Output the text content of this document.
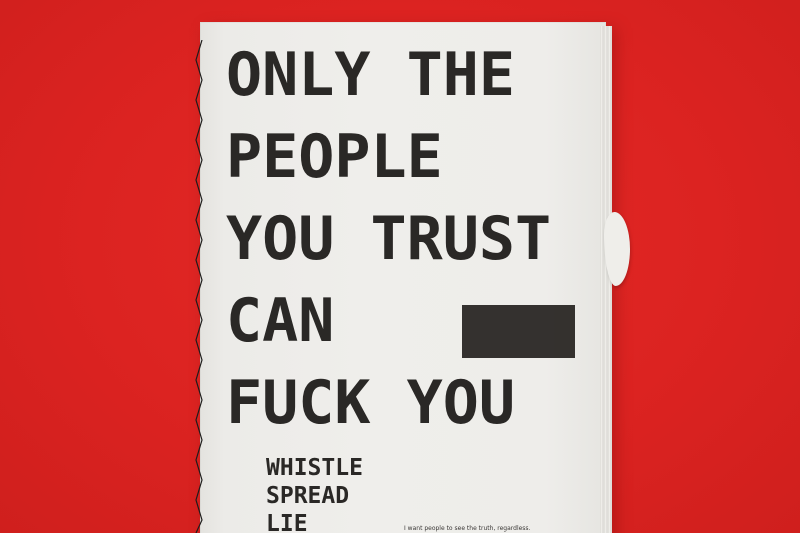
ONLY THE
PEOPLE
YOU TRUST
CAN
FUCK YOU

WHISTLE
SPREAD
LIE	I want people to see the truth, regardless.
